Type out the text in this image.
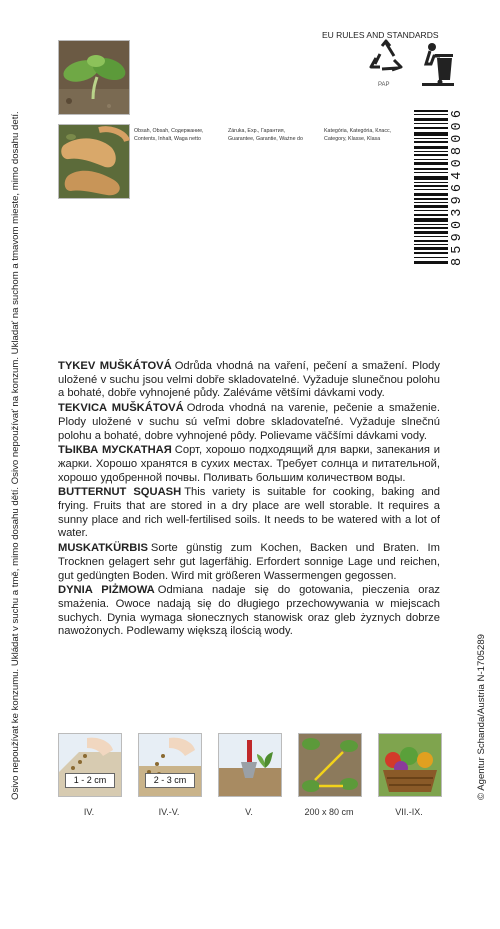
Osivo nepoužívat ke konzumu. Ukládat v suchu a tmě, mimo dosahu dětí. Osivo nepoužívať na konzum. Ukladať na suchom a tmavom mieste, mimo dosahu detí.	© Agentur Schanda/Austria N-1705289
EU RULES AND STANDARDS
PAP
Obsah, Obsah, Содержание,
Contents, Inhalt, Waga netto
Záruka, Exp., Гарантия,
Guarantee, Garantie, Ważne do
Kategória, Kategória, Класс,
Category, Klasse, Klasa
8590396408006
TYKEV MUŠKÁTOVÁ Odrůda vhodná na vaření, pečení a smažení. Plody uložené v suchu jsou velmi dobře skladovatelné. Vyžaduje slunečnou polohu a bohaté, dobře vyhnojené půdy. Zaléváme většími dávkami vody.
TEKVICA MUŠKÁTOVÁ Odroda vhodná na varenie, pečenie a smaženie. Plody uložené v suchu sú veľmi dobre skladovateľné. Vyžaduje slnečnú polohu a bohaté, dobre vyhnojené pôdy. Polievame väčšími dávkami vody.
ТЫКВА МУСКАТНАЯ Сорт, хорошо подходящий для варки, запекания и жарки. Хорошо хранятся в сухих местах. Требует солнца и питательной, хорошо удобренной почвы. Поливать большим количеством воды.
BUTTERNUT SQUASH This variety is suitable for cooking, baking and frying. Fruits that are stored in a dry place are well storable. It requires a sunny place and rich well-fertilised soils. It needs to be watered with a lot of water.
MUSKATKÜRBIS Sorte günstig zum Kochen, Backen und Braten. Im Trocknen gelagert sehr gut lagerfähig. Erfordert sonnige Lage und reichen, gut gedüngten Boden. Wird mit größeren Wassermengen gegossen.
DYNIA PIŻMOWA Odmiana nadaje się do gotowania, pieczenia oraz smażenia. Owoce nadają się do długiego przechowywania w miejscach suchych. Dynia wymaga słonecznych stanowisk oraz gleb żyznych dobrze nawożonych. Podlewamy większą ilością wody.
1 - 2 cm
IV.
2 - 3 cm
IV.-V.	V.	200 x 80 cm	VII.-IX.
